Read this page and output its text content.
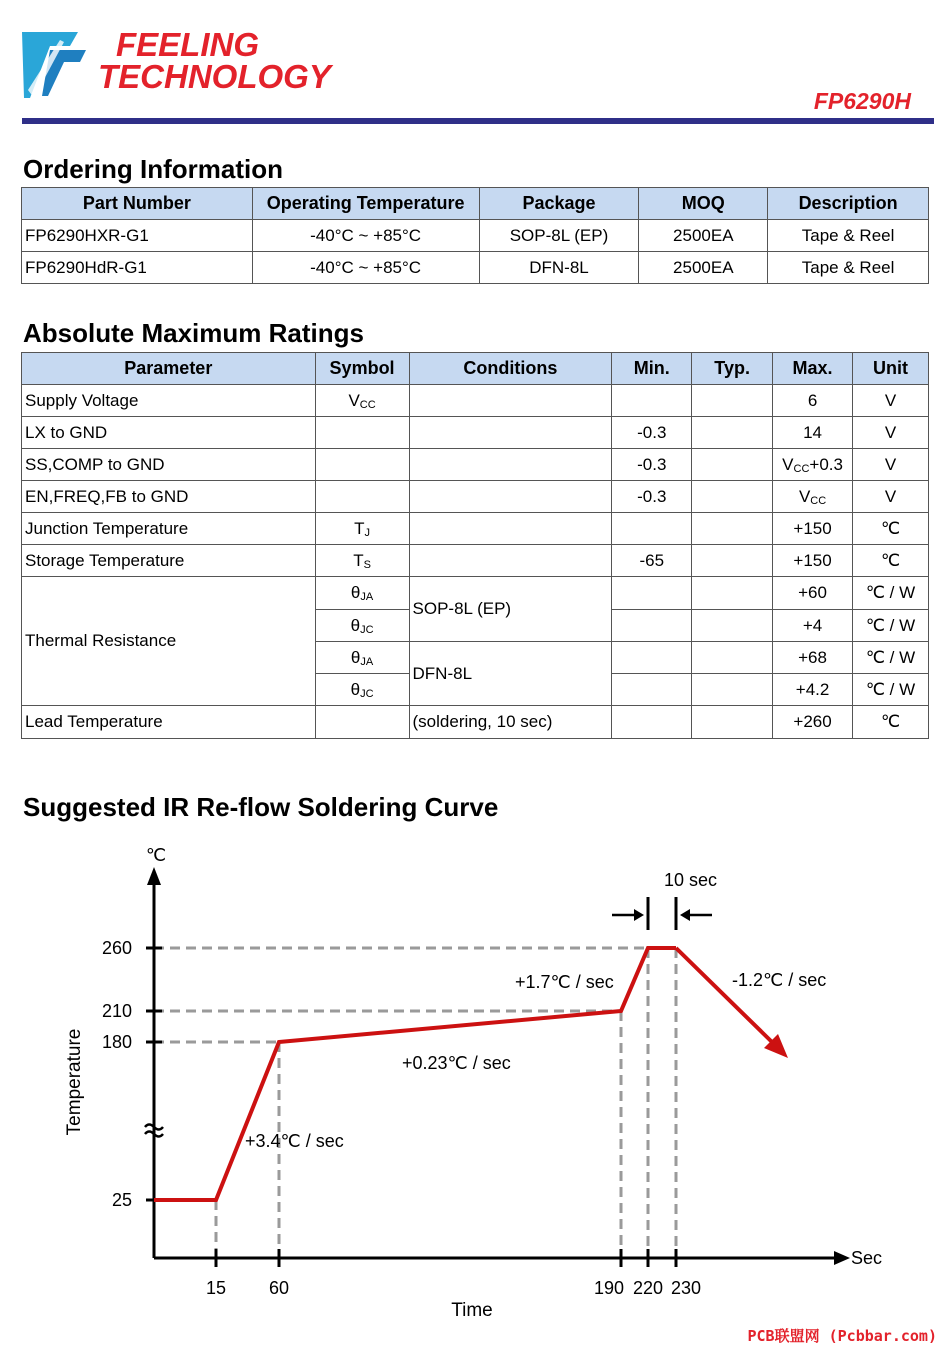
FEELING
TECHNOLOGY
FP6290H
Ordering Information
Part Number	Operating Temperature	Package	MOQ	Description
FP6290HXR-G1	-40°C ~ +85°C	SOP-8L (EP)	2500EA	Tape & Reel
FP6290HdR-G1	-40°C ~ +85°C	DFN-8L	2500EA	Tape & Reel
Absolute Maximum Ratings
Parameter	Symbol	Conditions	Min.	Typ.	Max.	Unit
Supply Voltage	$V_{CC}$				6	V
LX to GND			-0.3		14	V
SS,COMP to GND			-0.3		$V_{CC}+0.3$	V
EN,FREQ,FB to GND			-0.3		$V_{CC}$	V
Junction Temperature	$T_J$				+150	℃
Storage Temperature	$T_S$		-65		+150	℃
Thermal Resistance	$\theta_{JA}$	SOP-8L (EP)			+60	℃ / W
	$\theta_{JC}$				+4	℃ / W
	$\theta_{JA}$	DFN-8L			+68	℃ / W
	$\theta_{JC}$				+4.2	℃ / W
Lead Temperature		(soldering, 10 sec)			+260	℃
Suggested IR Re-flow Soldering Curve
25
180
210
260
15 60	190 220 230
℃
Sec
Time
Temperature
+3.4℃ / sec
+0.23℃ / sec
+1.7℃ / sec	-1.2℃ / sec
10 sec
PCB联盟网 (Pcbbar.com)
